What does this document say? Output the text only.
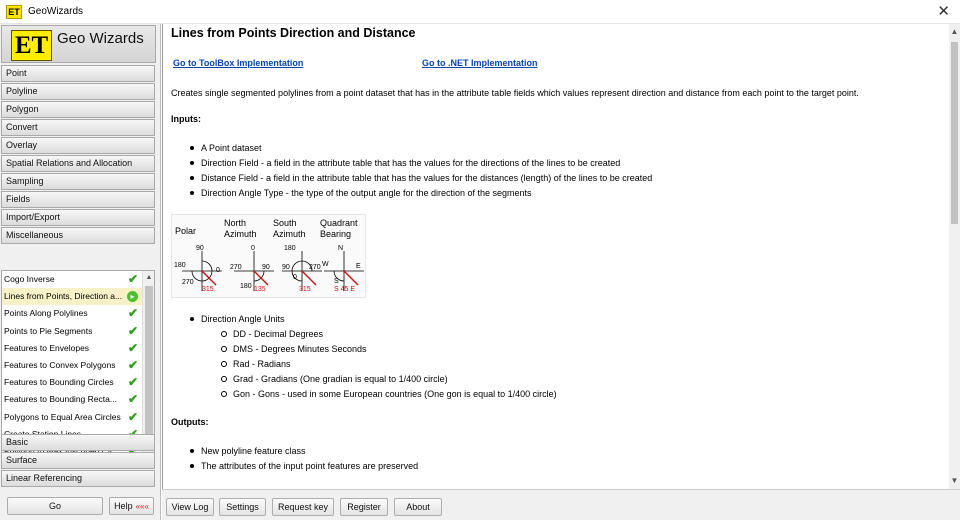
ET GeoWizards	✕
ET Geo Wizards
Point
Polyline
Polygon
Convert
Overlay
Spatial Relations and Allocation
Sampling
Fields
Import/Export
Miscellaneous
Cogo Inverse	✔
Lines from Points, Direction a...	▸
Points Along Polylines	✔
Points to Pie Segments	✔
Features to Envelopes	✔
Features to Convex Polygons ✔
Features to Bounding Circles ✔
Features to Bounding Recta... ✔
Polygons to Equal Area Circles ✔
▲
Basic
Surface
Linear Referencing
Go	Help «««
Lines from Points Direction and Distance
Go to ToolBox Implementation	Go to .NET Implementation
Creates single segmented polylines from a point dataset that has in the attribute table fields which values represent direction and distance from each point to the target point.
Inputs:
A Point dataset
Direction Field - a field in the attribute table that has the values for the directions of the lines to be created
Distance Field - a field in the attribute table that has the values for the distances (length) of the lines to be created
Direction Angle Type - the type of the output angle for the direction of the segments
Polar
North
Azimuth
South
Azimuth
Quadrant
Bearing
90
180
0
270
315
0
270	90
180 135
180
90	270
0
315
N
W	E
S
S 45 E
Direction Angle Units
DD - Decimal Degrees
DMS - Degrees Minutes Seconds
Rad - Radians
Grad - Gradians (One gradian is equal to 1/400 circle)
Gon - Gons - used in some European countries (One gon is equal to 1/400 circle)
Outputs:
New polyline feature class
The attributes of the input point features are preserved
▲
▼
View Log	Settings	Request key	Register	About
